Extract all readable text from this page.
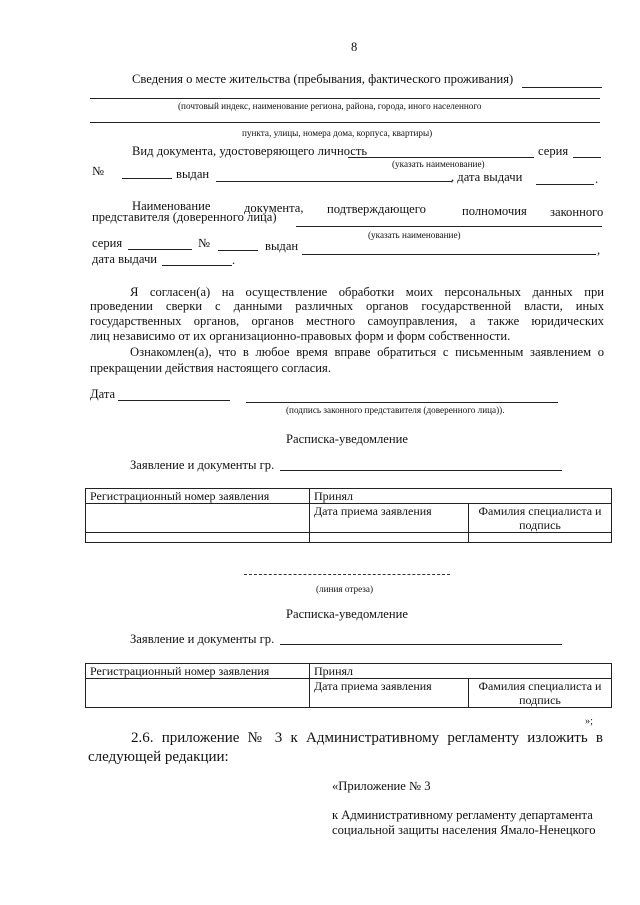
8
Сведения о месте жительства (пребывания, фактического проживания)
(почтовый индекс, наименование региона, района, города, иного населенного
пункта, улицы, номера дома, корпуса, квартиры)
Вид документа, удостоверяющего личность	серия
(указать наименование)
№	выдан	, дата выдачи	.
Наименование	документа, подтверждающего	полномочия законного
представителя (доверенного лица)
(указать наименование)
серия	№	выдан	,
дата выдачи	.
Я согласен(а) на осуществление обработки моих персональных данных при
проведении сверки с данными различных органов государственной власти, иных
государственных органов, органов местного самоуправления, а также юридических
лиц независимо от их организационно-правовых форм и форм собственности.
Ознакомлен(а), что в любое время вправе обратиться с письменным заявлением о
прекращении действия настоящего согласия.
Дата
(подпись законного представителя (доверенного лица)).
Расписка-уведомление
Заявление и документы гр.
Регистрационный номер заявления	Принял	
	Дата приема заявления	Фамилия специалиста и
подпись

(линия отреза)
Расписка-уведомление
Заявление и документы гр.
Регистрационный номер заявления	Принял	
	Дата приема заявления	Фамилия специалиста и
подпись
»;
2.6. приложение № 3 к Административному регламенту изложить в
следующей редакции:
«Приложение № 3
к Административному регламенту департамента
социальной защиты населения Ямало-Ненецкого
